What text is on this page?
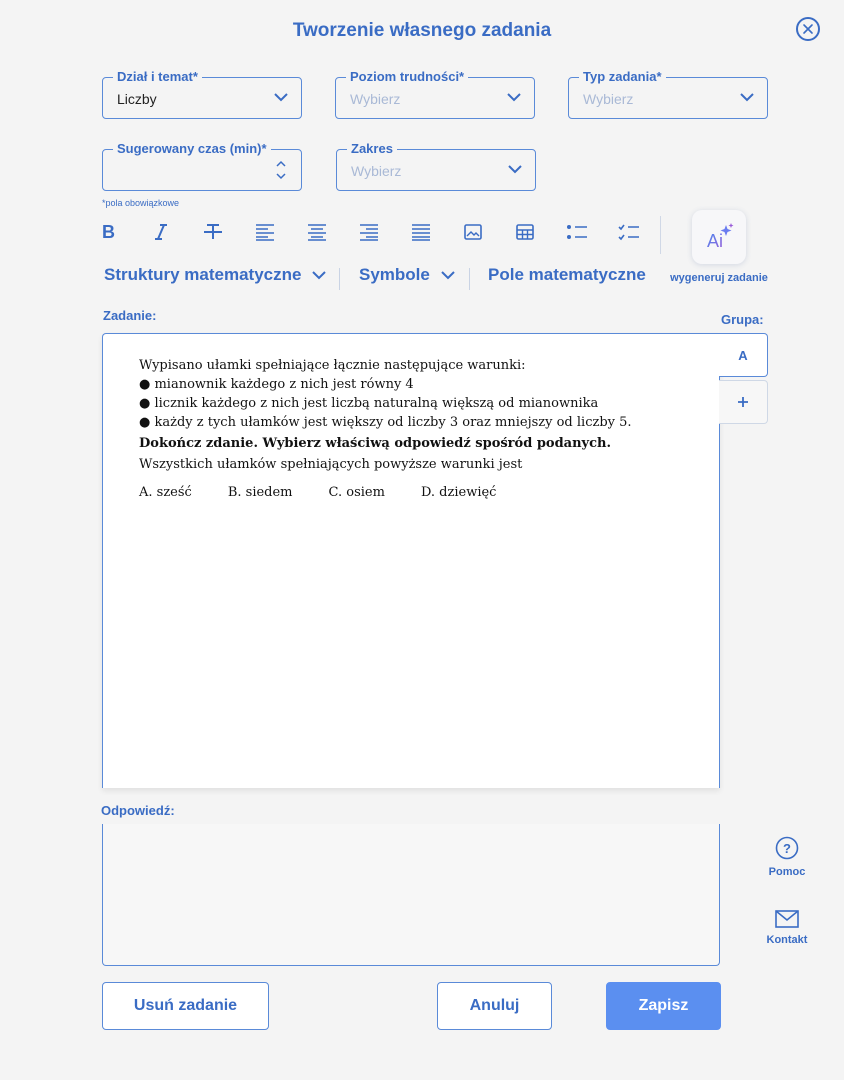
Tworzenie własnego zadania
Dział i temat*
Liczby
Poziom trudności*
Wybierz
Typ zadania*
Wybierz
Sugerowany czas (min)*	Zakres
Wybierz
*pola obowiązkowe
B	Ai
wygeneruj zadanie
Struktury matematyczne	Symbole	Pole matematyczne
Zadanie:	Grupa:
Wypisano ułamki spełniające łącznie następujące warunki:
● mianownik każdego z nich jest równy 4
● licznik każdego z nich jest liczbą naturalną większą od mianownika
● każdy z tych ułamków jest większy od liczby 3 oraz mniejszy od liczby 5.
Dokończ zdanie. Wybierz właściwą odpowiedź spośród podanych.
Wszystkich ułamków spełniających powyższe warunki jest
A. sześć	B. siedem	C. osiem	D. dziewięć
A
Odpowiedź:
?
Pomoc
Kontakt
Usuń zadanie	Anuluj	Zapisz
